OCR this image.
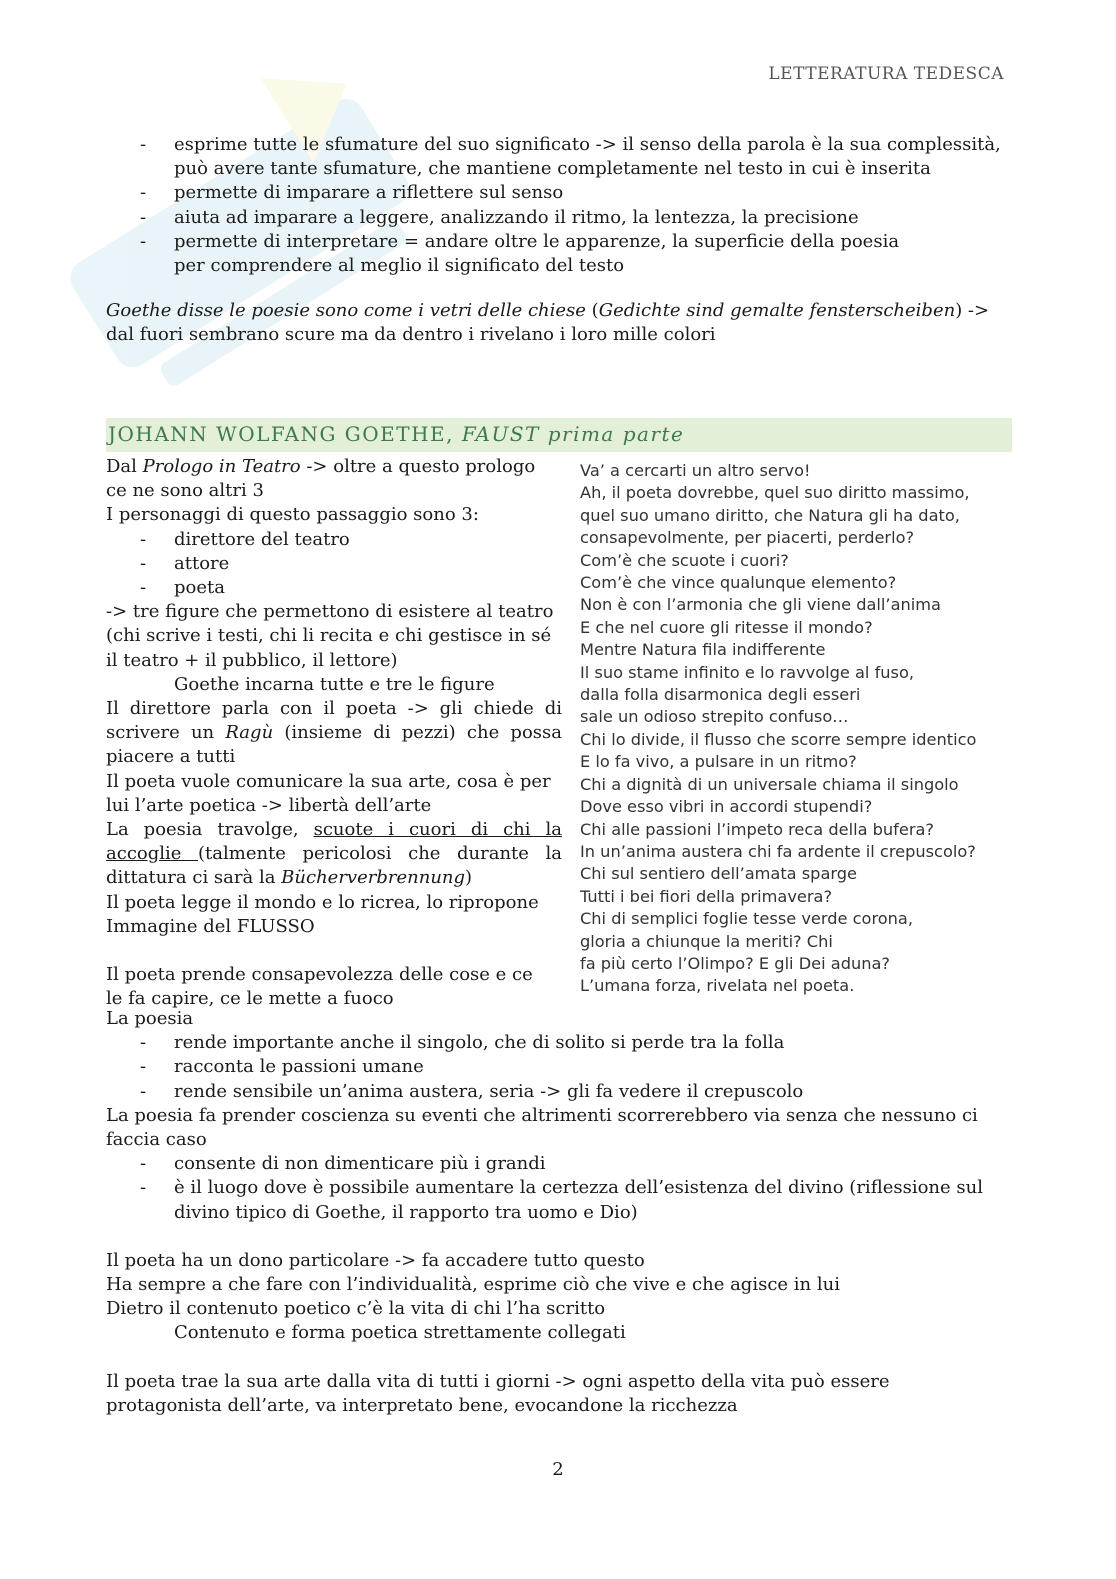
LETTERATURA TEDESCA
- esprime tutte le sfumature del suo significato -> il senso della parola è la sua complessità,
può avere tante sfumature, che mantiene completamente nel testo in cui è inserita
- permette di imparare a riflettere sul senso
- aiuta ad imparare a leggere, analizzando il ritmo, la lentezza, la precisione
- permette di interpretare = andare oltre le apparenze, la superficie della poesia
per comprendere al meglio il significato del testo
Goethe disse le poesie sono come i vetri delle chiese (Gedichte sind gemalte fensterscheiben) ->
dal fuori sembrano scure ma da dentro i rivelano i loro mille colori
JOHANN WOLFANG GOETHE, FAUST prima parte
Dal Prologo in Teatro -> oltre a questo prologo
ce ne sono altri 3
I personaggi di questo passaggio sono 3:
- direttore del teatro
- attore
- poeta
-> tre figure che permettono di esistere al teatro
(chi scrive i testi, chi li recita e chi gestisce in sé
il teatro + il pubblico, il lettore)
Goethe incarna tutte e tre le figure
Il direttore parla con il poeta -> gli chiede di
scrivere un Ragù (insieme di pezzi) che possa
piacere a tutti
Il poeta vuole comunicare la sua arte, cosa è per
lui l’arte poetica -> libertà dell’arte
La poesia travolge, scuote i cuori di chi la
accoglie (talmente pericolosi che durante la
dittatura ci sarà la Bücherverbrennung)
Il poeta legge il mondo e lo ricrea, lo ripropone
Immagine del FLUSSO
Il poeta prende consapevolezza delle cose e ce
le fa capire, ce le mette a fuoco
Va’ a cercarti un altro servo!
Ah, il poeta dovrebbe, quel suo diritto massimo,
quel suo umano diritto, che Natura gli ha dato,
consapevolmente, per piacerti, perderlo?
Com’è che scuote i cuori?
Com’è che vince qualunque elemento?
Non è con l’armonia che gli viene dall’anima
E che nel cuore gli ritesse il mondo?
Mentre Natura fila indifferente
Il suo stame infinito e lo ravvolge al fuso,
dalla folla disarmonica degli esseri
sale un odioso strepito confuso…
Chi lo divide, il flusso che scorre sempre identico
E lo fa vivo, a pulsare in un ritmo?
Chi a dignità di un universale chiama il singolo
Dove esso vibri in accordi stupendi?
Chi alle passioni l’impeto reca della bufera?
In un’anima austera chi fa ardente il crepuscolo?
Chi sul sentiero dell’amata sparge
Tutti i bei fiori della primavera?
Chi di semplici foglie tesse verde corona,
gloria a chiunque la meriti? Chi
fa più certo l’Olimpo? E gli Dei aduna?
L’umana forza, rivelata nel poeta.
La poesia
- rende importante anche il singolo, che di solito si perde tra la folla
- racconta le passioni umane
- rende sensibile un’anima austera, seria -> gli fa vedere il crepuscolo
La poesia fa prender coscienza su eventi che altrimenti scorrerebbero via senza che nessuno ci
faccia caso
- consente di non dimenticare più i grandi
- è il luogo dove è possibile aumentare la certezza dell’esistenza del divino (riflessione sul
divino tipico di Goethe, il rapporto tra uomo e Dio)
Il poeta ha un dono particolare -> fa accadere tutto questo
Ha sempre a che fare con l’individualità, esprime ciò che vive e che agisce in lui
Dietro il contenuto poetico c’è la vita di chi l’ha scritto
Contenuto e forma poetica strettamente collegati
Il poeta trae la sua arte dalla vita di tutti i giorni -> ogni aspetto della vita può essere
protagonista dell’arte, va interpretato bene, evocandone la ricchezza
2
